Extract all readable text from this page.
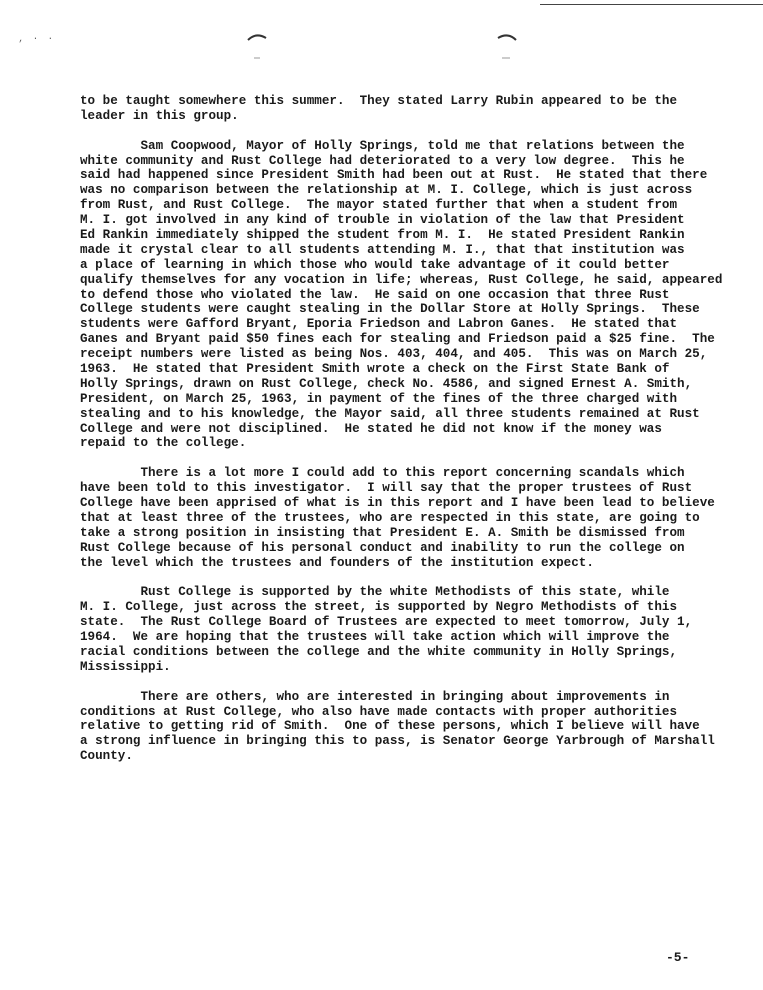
‚ · ·
to be taught somewhere this summer.  They stated Larry Rubin appeared to be the
leader in this group.
Sam Coopwood, Mayor of Holly Springs, told me that relations between the
white community and Rust College had deteriorated to a very low degree.  This he
said had happened since President Smith had been out at Rust.  He stated that there
was no comparison between the relationship at M. I. College, which is just across
from Rust, and Rust College.  The mayor stated further that when a student from
M. I. got involved in any kind of trouble in violation of the law that President
Ed Rankin immediately shipped the student from M. I.  He stated President Rankin
made it crystal clear to all students attending M. I., that that institution was
a place of learning in which those who would take advantage of it could better
qualify themselves for any vocation in life; whereas, Rust College, he said, appeared
to defend those who violated the law.  He said on one occasion that three Rust
College students were caught stealing in the Dollar Store at Holly Springs.  These
students were Gafford Bryant, Eporia Friedson and Labron Ganes.  He stated that
Ganes and Bryant paid $50 fines each for stealing and Friedson paid a $25 fine.  The
receipt numbers were listed as being Nos. 403, 404, and 405.  This was on March 25,
1963.  He stated that President Smith wrote a check on the First State Bank of
Holly Springs, drawn on Rust College, check No. 4586, and signed Ernest A. Smith,
President, on March 25, 1963, in payment of the fines of the three charged with
stealing and to his knowledge, the Mayor said, all three students remained at Rust
College and were not disciplined.  He stated he did not know if the money was
repaid to the college.
There is a lot more I could add to this report concerning scandals which
have been told to this investigator.  I will say that the proper trustees of Rust
College have been apprised of what is in this report and I have been lead to believe
that at least three of the trustees, who are respected in this state, are going to
take a strong position in insisting that President E. A. Smith be dismissed from
Rust College because of his personal conduct and inability to run the college on
the level which the trustees and founders of the institution expect.
Rust College is supported by the white Methodists of this state, while
M. I. College, just across the street, is supported by Negro Methodists of this
state.  The Rust College Board of Trustees are expected to meet tomorrow, July 1,
1964.  We are hoping that the trustees will take action which will improve the
racial conditions between the college and the white community in Holly Springs,
Mississippi.
There are others, who are interested in bringing about improvements in
conditions at Rust College, who also have made contacts with proper authorities
relative to getting rid of Smith.  One of these persons, which I believe will have
a strong influence in bringing this to pass, is Senator George Yarbrough of Marshall
County.
-5-
